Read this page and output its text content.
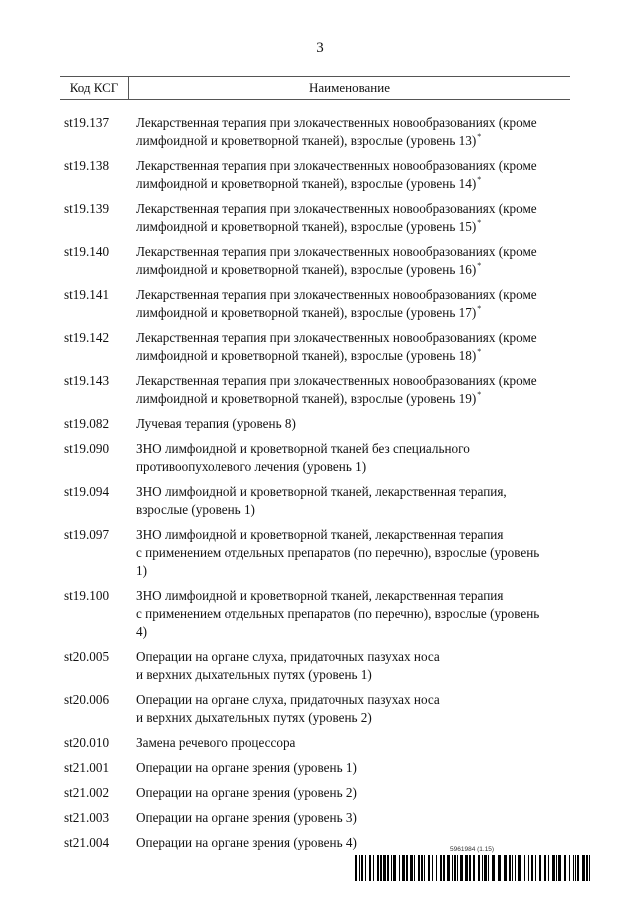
3
Код КСГ	Наименование
st19.137	Лекарственная терапия при злокачественных новообразованиях (кроме
лимфоидной и кроветворной тканей), взрослые (уровень 13)*
st19.138	Лекарственная терапия при злокачественных новообразованиях (кроме
лимфоидной и кроветворной тканей), взрослые (уровень 14)*
st19.139	Лекарственная терапия при злокачественных новообразованиях (кроме
лимфоидной и кроветворной тканей), взрослые (уровень 15)*
st19.140	Лекарственная терапия при злокачественных новообразованиях (кроме
лимфоидной и кроветворной тканей), взрослые (уровень 16)*
st19.141	Лекарственная терапия при злокачественных новообразованиях (кроме
лимфоидной и кроветворной тканей), взрослые (уровень 17)*
st19.142	Лекарственная терапия при злокачественных новообразованиях (кроме
лимфоидной и кроветворной тканей), взрослые (уровень 18)*
st19.143	Лекарственная терапия при злокачественных новообразованиях (кроме
лимфоидной и кроветворной тканей), взрослые (уровень 19)*
st19.082	Лучевая терапия (уровень 8)
st19.090	ЗНО лимфоидной и кроветворной тканей без специального
противоопухолевого лечения (уровень 1)
st19.094	ЗНО лимфоидной и кроветворной тканей, лекарственная терапия,
взрослые (уровень 1)
st19.097	ЗНО лимфоидной и кроветворной тканей, лекарственная терапия
с применением отдельных препаратов (по перечню), взрослые (уровень
1)
st19.100	ЗНО лимфоидной и кроветворной тканей, лекарственная терапия
с применением отдельных препаратов (по перечню), взрослые (уровень
4)
st20.005	Операции на органе слуха, придаточных пазухах носа
и верхних дыхательных путях (уровень 1)
st20.006	Операции на органе слуха, придаточных пазухах носа
и верхних дыхательных путях (уровень 2)
st20.010	Замена речевого процессора
st21.001	Операции на органе зрения (уровень 1)
st21.002	Операции на органе зрения (уровень 2)
st21.003	Операции на органе зрения (уровень 3)
st21.004	Операции на органе зрения (уровень 4)	5961984 (1.15)
